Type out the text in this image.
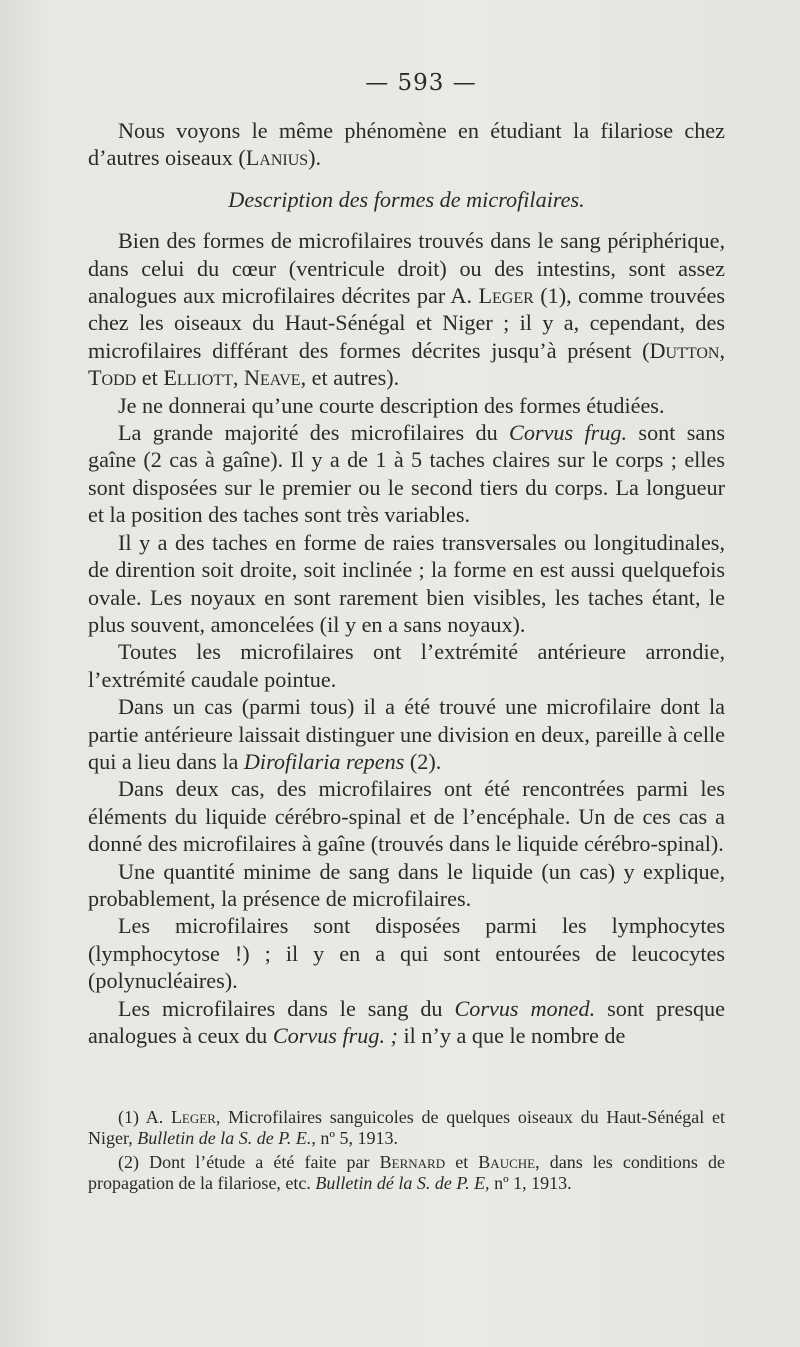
— 593 —

Nous voyons le même phénomène en étudiant la filariose chez d’autres oiseaux (Lanius).

Description des formes de microfilaires.

Bien des formes de microfilaires trouvés dans le sang périphérique, dans celui du cœur (ventricule droit) ou des intestins, sont assez analogues aux microfilaires décrites par A. Leger (1), comme trouvées chez les oiseaux du Haut-Sénégal et Niger ; il y a, cependant, des microfilaires différant des formes décrites jusqu’à présent (Dutton, Todd et Elliott, Neave, et autres).

Je ne donnerai qu’une courte description des formes étudiées.

La grande majorité des microfilaires du Corvus frug. sont sans gaîne (2 cas à gaîne). Il y a de 1 à 5 taches claires sur le corps ; elles sont disposées sur le premier ou le second tiers du corps. La longueur et la position des taches sont très variables.

Il y a des taches en forme de raies transversales ou longitudinales, de dirention soit droite, soit inclinée ; la forme en est aussi quelquefois ovale. Les noyaux en sont rarement bien visibles, les taches étant, le plus souvent, amoncelées (il y en a sans noyaux).

Toutes les microfilaires ont l’extrémité antérieure arrondie, l’extrémité caudale pointue.

Dans un cas (parmi tous) il a été trouvé une microfilaire dont la partie antérieure laissait distinguer une division en deux, pareille à celle qui a lieu dans la Dirofilaria repens (2).

Dans deux cas, des microfilaires ont été rencontrées parmi les éléments du liquide cérébro-spinal et de l’encéphale. Un de ces cas a donné des microfilaires à gaîne (trouvés dans le liquide cérébro-spinal).

Une quantité minime de sang dans le liquide (un cas) y explique, probablement, la présence de microfilaires.

Les microfilaires sont disposées parmi les lymphocytes (lymphocytose !) ; il y en a qui sont entourées de leucocytes (polynucléaires).

Les microfilaires dans le sang du Corvus moned. sont presque analogues à ceux du Corvus frug. ; il n’y a que le nombre de

(1) A. Leger, Microfilaires sanguicoles de quelques oiseaux du Haut-Sénégal et Niger, Bulletin de la S. de P. E., nº 5, 1913.

(2) Dont l’étude a été faite par Bernard et Bauche, dans les conditions de propagation de la filariose, etc. Bulletin dé la S. de P. E, nº 1, 1913.
